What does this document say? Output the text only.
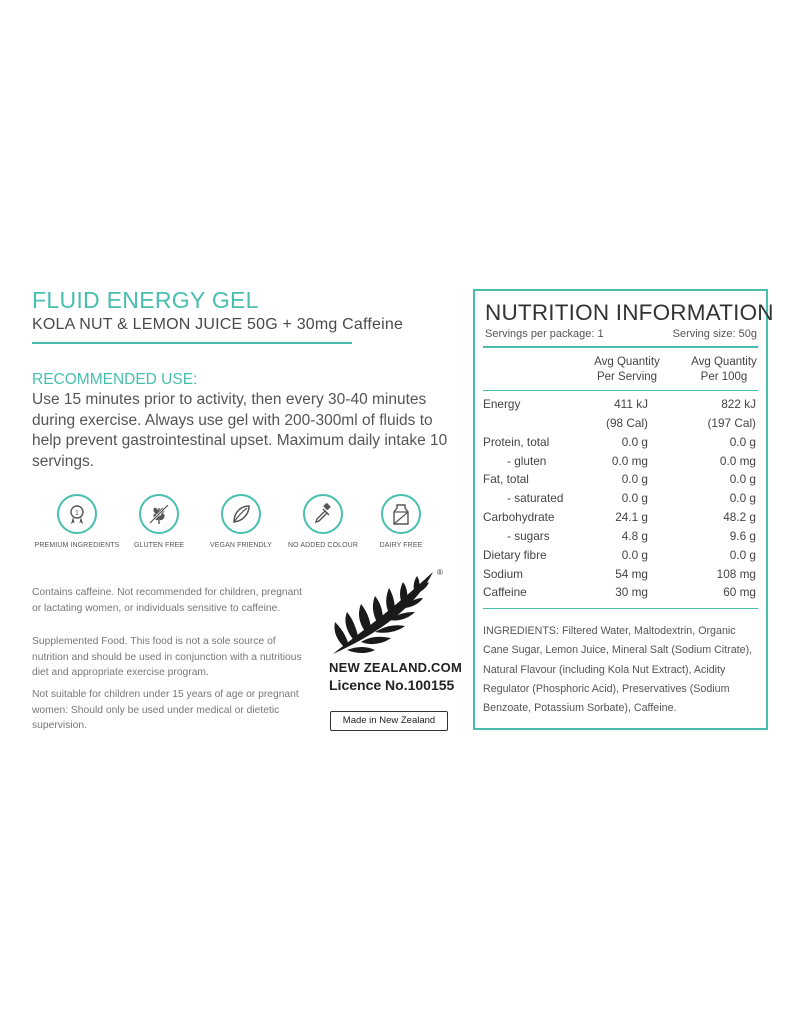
FLUID ENERGY GEL
KOLA NUT & LEMON JUICE 50G + 30mg Caffeine
RECOMMENDED USE:
Use 15 minutes prior to activity, then every 30-40 minutes during exercise. Always use gel with 200-300ml of fluids to help prevent gastrointestinal upset. Maximum daily intake 10 servings.
1
PREMIUM INGREDIENTS	GLUTEN FREE	VEGAN FRIENDLY	NO ADDED COLOUR	DAIRY FREE
Contains caffeine. Not recommended for children, pregnant or lactating women, or individuals sensitive to caffeine.
Supplemented Food. This food is not a sole source of nutrition and should be used in conjunction with a nutritious diet and appropriate exercise program.
Not suitable for children under 15 years of age or pregnant women: Should only be used under medical or dietetic supervision.
®
NEW ZEALAND.COM
Licence No.100155
Made in New Zealand
NUTRITION INFORMATION
Servings per package: 1	Serving size: 50g
Avg Quantity
Per Serving
Avg Quantity
Per 100g
Energy	411 kJ	822 kJ
(98 Cal)	(197 Cal)
Protein, total	0.0 g	0.0 g
- gluten	0.0 mg	0.0 mg
Fat, total	0.0 g	0.0 g
- saturated	0.0 g	0.0 g
Carbohydrate	24.1 g	48.2 g
- sugars	4.8 g	9.6 g
Dietary fibre	0.0 g	0.0 g
Sodium	54 mg	108 mg
Caffeine	30 mg	60 mg
INGREDIENTS: Filtered Water, Maltodextrin, Organic Cane Sugar, Lemon Juice, Mineral Salt (Sodium Citrate), Natural Flavour (including Kola Nut Extract), Acidity Regulator (Phosphoric Acid), Preservatives (Sodium Benzoate, Potassium Sorbate), Caffeine.
